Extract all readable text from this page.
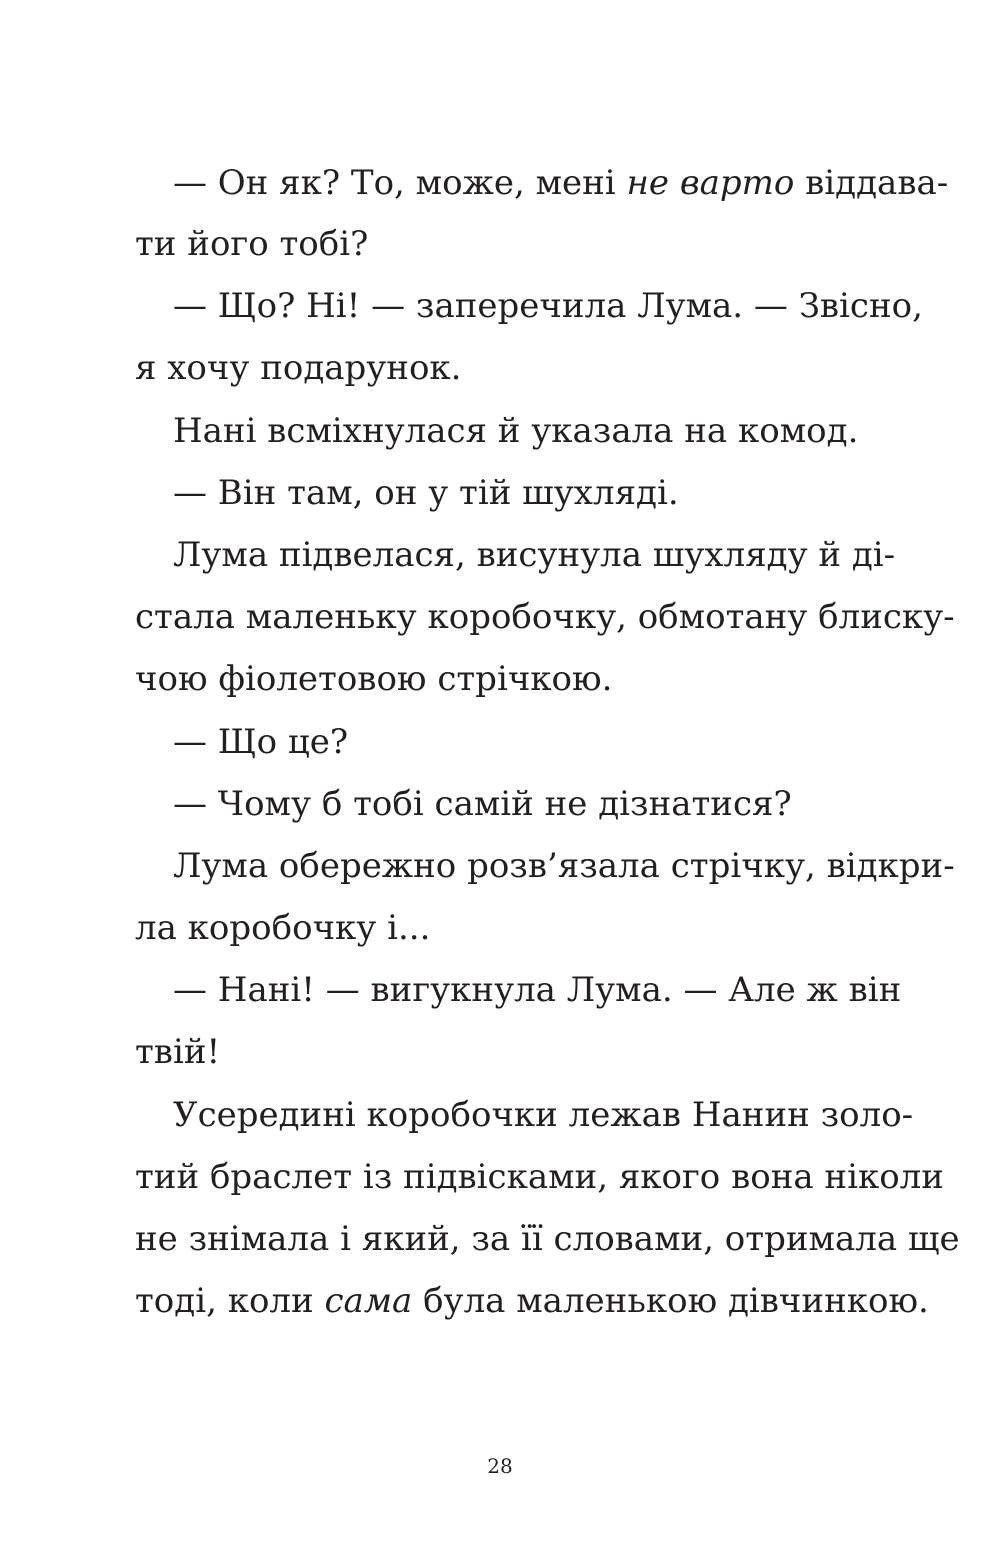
— Он як? То, може, мені не варто віддава-
ти його тобі?
— Що? Ні! — заперечила Лума. — Звісно,
я хочу подарунок.
Нані всміхнулася й указала на комод.
— Він там, он у тій шухляді.
Лума підвелася, висунула шухляду й ді-
стала маленьку коробочку, обмотану блиску-
чою фіолетовою стрічкою.
— Що це?
— Чому б тобі самій не дізнатися?
Лума обережно розв’язала стрічку, відкри-
ла коробочку і...
— Нані! — вигукнула Лума. — Але ж він
твій!
Усередині коробочки лежав Нанин золо-
тий браслет із підвісками, якого вона ніколи
не знімала і який, за її словами, отримала ще
тоді, коли сама була маленькою дівчинкою.
28
